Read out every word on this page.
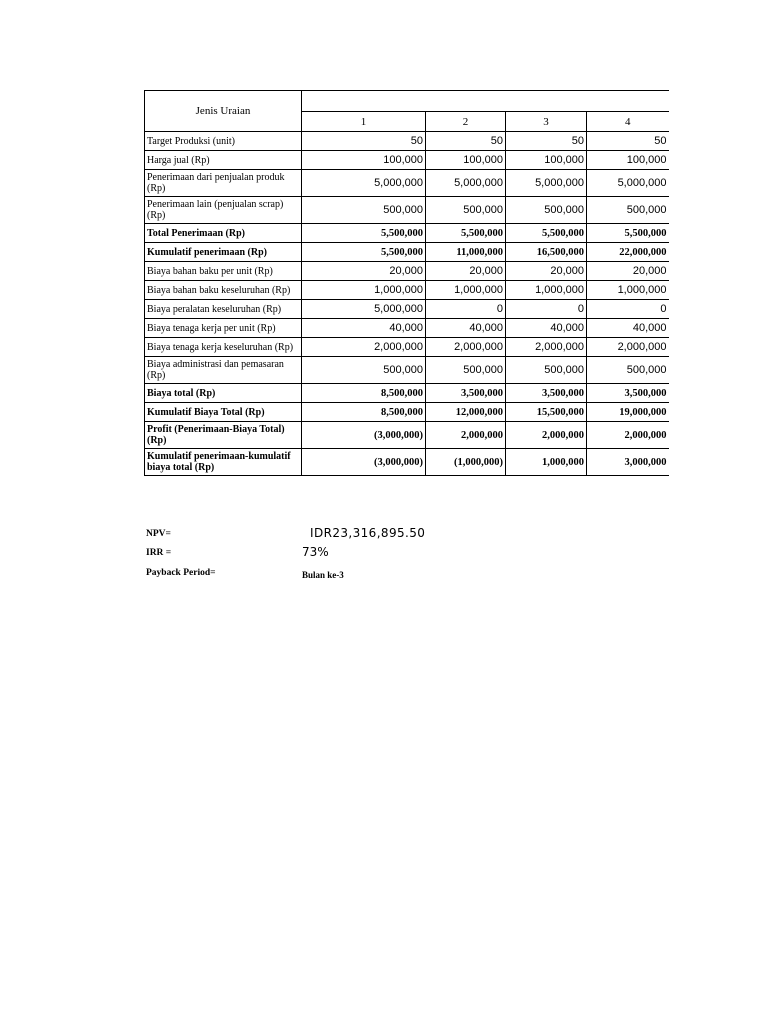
Jenis Uraian				
	1	2	3	4
Target Produksi (unit)	50	50	50	50
Harga jual (Rp)	100,000	100,000	100,000	100,000
Penerimaan dari penjualan produk (Rp)	5,000,000	5,000,000	5,000,000	5,000,000
Penerimaan lain (penjualan scrap) (Rp)	500,000	500,000	500,000	500,000
Total Penerimaan (Rp)	5,500,000	5,500,000	5,500,000	5,500,000
Kumulatif penerimaan (Rp)	5,500,000	11,000,000	16,500,000	22,000,000
Biaya bahan baku per unit (Rp)	20,000	20,000	20,000	20,000
Biaya bahan baku keseluruhan (Rp)	1,000,000	1,000,000	1,000,000	1,000,000
Biaya peralatan keseluruhan (Rp)	5,000,000	0	0	0
Biaya tenaga kerja per unit (Rp)	40,000	40,000	40,000	40,000
Biaya tenaga kerja keseluruhan (Rp)	2,000,000	2,000,000	2,000,000	2,000,000
Biaya administrasi dan pemasaran (Rp)	500,000	500,000	500,000	500,000
Biaya total (Rp)	8,500,000	3,500,000	3,500,000	3,500,000
Kumulatif Biaya Total (Rp)	8,500,000	12,000,000	15,500,000	19,000,000
Profit (Penerimaan-Biaya Total) (Rp)	(3,000,000)	2,000,000	2,000,000	2,000,000
Kumulatif penerimaan-kumulatif biaya total (Rp)	(3,000,000)	(1,000,000)	1,000,000	3,000,000
NPV=	IDR23,316,895.50
IRR =	73%
Payback Period=	Bulan ke-3
